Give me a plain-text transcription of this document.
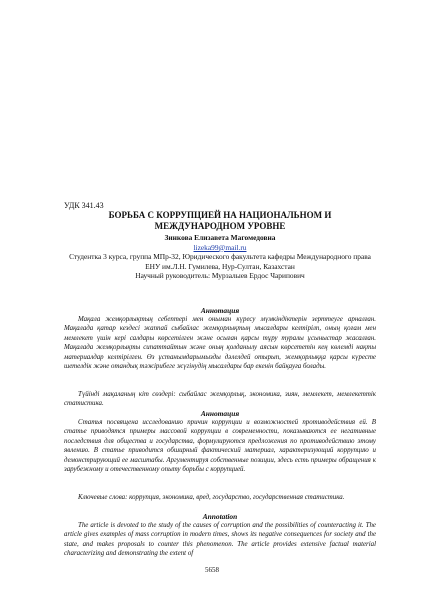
УДК 341.43
БОРЬБА С КОРРУПЦИЕЙ НА НАЦИОНАЛЬНОМ И МЕЖДУНАРОДНОМ УРОВНЕ
Зинкова Елизавета Магомедовна
lizeka99@mail.ru
Студентка 3 курса, группа МПр-32, Юридического факультета кафедры Международного права
ЕНУ им.Л.Н. Гумилева, Нур-Султан, Казахстан
Научный руководитель: Мурзалыев Ердос Чарипович
Аннотация
Мақала жемқорлықтың себептері мен оныман күресу мүмкіндіктерін зерттеуге арналған. Мақалада қатар кездесі жаппай сыбайлас жемқорлықтың мысалдары келтірілп, оның қоғам мен мемлекет үшін кері салдары көрсетілген және осыған қарсы тұру туралы ұсыныстар жасалған. Мақалада жемқорлықты сипаттайтын және оның қолданылу аясын көрсететін кең көлемді нақты материалдар келтірілген. Өз ұстанымдарымызды дәлелдей отырып, жемқорлыққа қарсы күресте шетелдік және отандық тәжірибеге жүгінудің мысалдары бар екенін байқауға болады.
Түйінді мақаланың кіт сөздері: сыбайлас жемқорлық, экономика, зиян, мемлекет, мемлекеттік статистика.
Аннотация
Статья посвящена исследованию причин коррупции и возможностей противодействия ей. В статье приводятся примеры массовой коррупции в современности, показываются ее негативные последствия для общества и государства, формулируются предложения по противодействию этому явлению. В статье приводится обширный фактический материал, характеризующий коррупцию и демонстрирующий ее масштабы. Аргументируя собственные позиции, здесь есть примеры обращения к зарубежному и отечественному опыту борьбы с коррупцией.
Ключевые слова: коррупция, экономика, вред, государство, государственная статистика.
Annotation
The article is devoted to the study of the causes of corruption and the possibilities of counteracting it. The article gives examples of mass corruption in modern times, shows its negative consequences for society and the state, and makes proposals to counter this phenomenon. The article provides extensive factual material characterizing and demonstrating the extent of
5658
